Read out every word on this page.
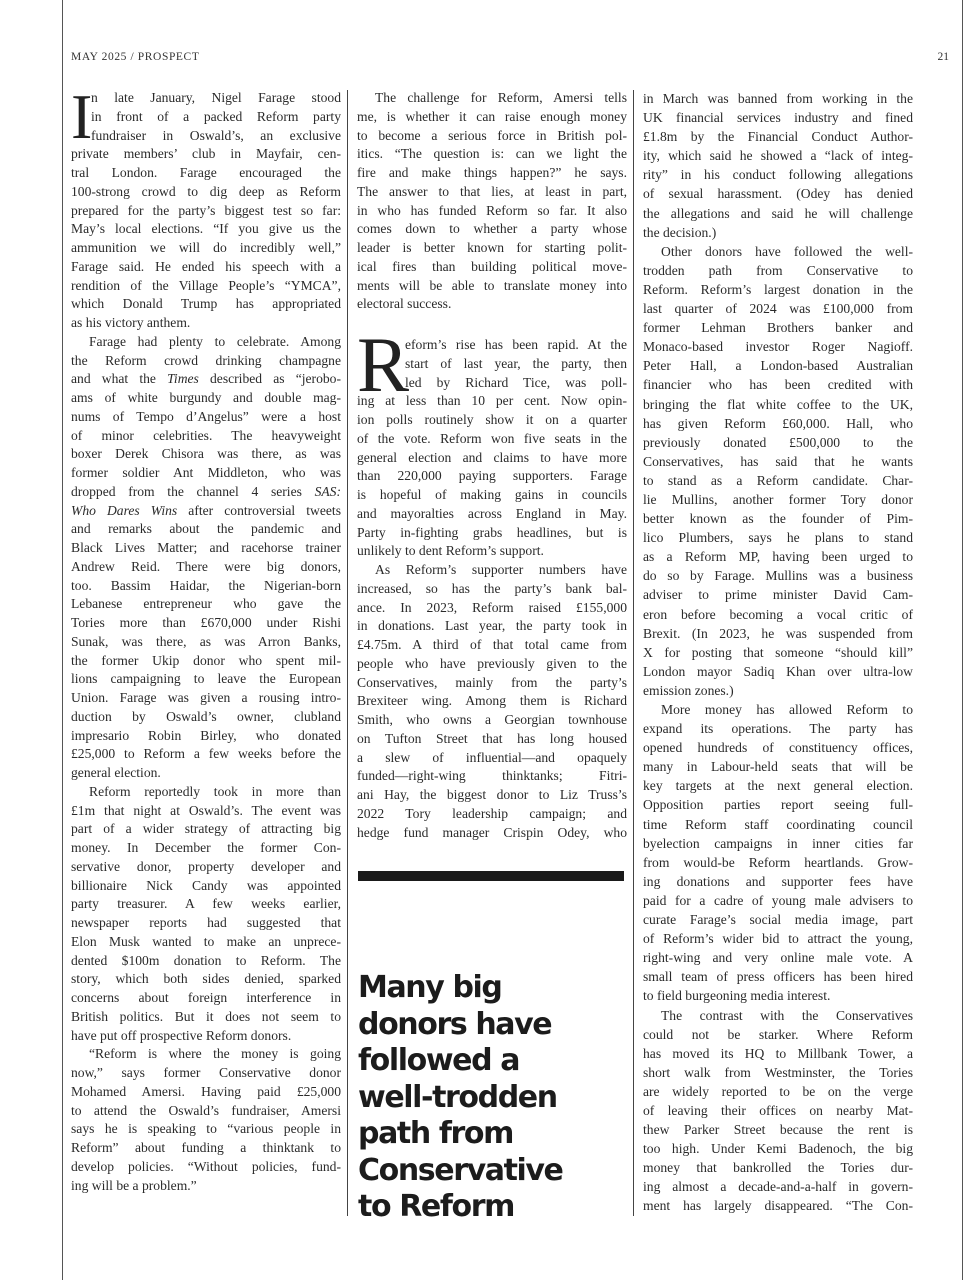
MAY 2025 / PROSPECT	21
I
n late January, Nigel Farage stood
in front of a packed Reform party
fundraiser in Oswald’s, an exclusive
private members’ club in Mayfair, cen-
tral London. Farage encouraged the
100-strong crowd to dig deep as Reform
prepared for the party’s biggest test so far:
May’s local elections. “If you give us the
ammunition we will do incredibly well,”
Farage said. He ended his speech with a
rendition of the Village People’s “YMCA”,
which Donald Trump has appropriated
as his victory anthem.
Farage had plenty to celebrate. Among
the Reform crowd drinking champagne
and what the Times described as “jerobo-
ams of white burgundy and double mag-
nums of Tempo d’Angelus” were a host
of minor celebrities. The heavyweight
boxer Derek Chisora was there, as was
former soldier Ant Middleton, who was
dropped from the channel 4 series SAS:
Who Dares Wins after controversial tweets
and remarks about the pandemic and
Black Lives Matter; and racehorse trainer
Andrew Reid. There were big donors,
too. Bassim Haidar, the Nigerian-born
Lebanese entrepreneur who gave the
Tories more than £670,000 under Rishi
Sunak, was there, as was Arron Banks,
the former Ukip donor who spent mil-
lions campaigning to leave the European
Union. Farage was given a rousing intro-
duction by Oswald’s owner, clubland
impresario Robin Birley, who donated
£25,000 to Reform a few weeks before the
general election.
Reform reportedly took in more than
£1m that night at Oswald’s. The event was
part of a wider strategy of attracting big
money. In December the former Con-
servative donor, property developer and
billionaire Nick Candy was appointed
party treasurer. A few weeks earlier,
newspaper reports had suggested that
Elon Musk wanted to make an unprece-
dented $100m donation to Reform. The
story, which both sides denied, sparked
concerns about foreign interference in
British politics. But it does not seem to
have put off prospective Reform donors.
“Reform is where the money is going
now,” says former Conservative donor
Mohamed Amersi. Having paid £25,000
to attend the Oswald’s fundraiser, Amersi
says he is speaking to “various people in
Reform” about funding a thinktank to
develop policies. “Without policies, fund-
ing will be a problem.”
The challenge for Reform, Amersi tells
me, is whether it can raise enough money
to become a serious force in British pol-
itics. “The question is: can we light the
fire and make things happen?” he says.
The answer to that lies, at least in part,
in who has funded Reform so far. It also
comes down to whether a party whose
leader is better known for starting polit-
ical fires than building political move-
ments will be able to translate money into
electoral success.
R
eform’s rise has been rapid. At the
start of last year, the party, then
led by Richard Tice, was poll-
ing at less than 10 per cent. Now opin-
ion polls routinely show it on a quarter
of the vote. Reform won five seats in the
general election and claims to have more
than 220,000 paying supporters. Farage
is hopeful of making gains in councils
and mayoralties across England in May.
Party in-fighting grabs headlines, but is
unlikely to dent Reform’s support.
As Reform’s supporter numbers have
increased, so has the party’s bank bal-
ance. In 2023, Reform raised £155,000
in donations. Last year, the party took in
£4.75m. A third of that total came from
people who have previously given to the
Conservatives, mainly from the party’s
Brexiteer wing. Among them is Richard
Smith, who owns a Georgian townhouse
on Tufton Street that has long housed
a slew of influential—and opaquely
funded—right-wing thinktanks; Fitri-
ani Hay, the biggest donor to Liz Truss’s
2022 Tory leadership campaign; and
hedge fund manager Crispin Odey, who
in March was banned from working in the
UK financial services industry and fined
£1.8m by the Financial Conduct Author-
ity, which said he showed a “lack of integ-
rity” in his conduct following allegations
of sexual harassment. (Odey has denied
the allegations and said he will challenge
the decision.)
Other donors have followed the well-
trodden path from Conservative to
Reform. Reform’s largest donation in the
last quarter of 2024 was £100,000 from
former Lehman Brothers banker and
Monaco-based investor Roger Nagioff.
Peter Hall, a London-based Australian
financier who has been credited with
bringing the flat white coffee to the UK,
has given Reform £60,000. Hall, who
previously donated £500,000 to the
Conservatives, has said that he wants
to stand as a Reform candidate. Char-
lie Mullins, another former Tory donor
better known as the founder of Pim-
lico Plumbers, says he plans to stand
as a Reform MP, having been urged to
do so by Farage. Mullins was a business
adviser to prime minister David Cam-
eron before becoming a vocal critic of
Brexit. (In 2023, he was suspended from
X for posting that someone “should kill”
London mayor Sadiq Khan over ultra-low
emission zones.)
More money has allowed Reform to
expand its operations. The party has
opened hundreds of constituency offices,
many in Labour-held seats that will be
key targets at the next general election.
Opposition parties report seeing full-
time Reform staff coordinating council
byelection campaigns in inner cities far
from would-be Reform heartlands. Grow-
ing donations and supporter fees have
paid for a cadre of young male advisers to
curate Farage’s social media image, part
of Reform’s wider bid to attract the young,
right-wing and very online male vote. A
small team of press officers has been hired
to field burgeoning media interest.
The contrast with the Conservatives
could not be starker. Where Reform
has moved its HQ to Millbank Tower, a
short walk from Westminster, the Tories
are widely reported to be on the verge
of leaving their offices on nearby Mat-
thew Parker Street because the rent is
too high. Under Kemi Badenoch, the big
money that bankrolled the Tories dur-
ing almost a decade-and-a-half in govern-
ment has largely disappeared. “The Con-
Many big
donors have
followed a
well-trodden
path from
Conservative
to Reform
